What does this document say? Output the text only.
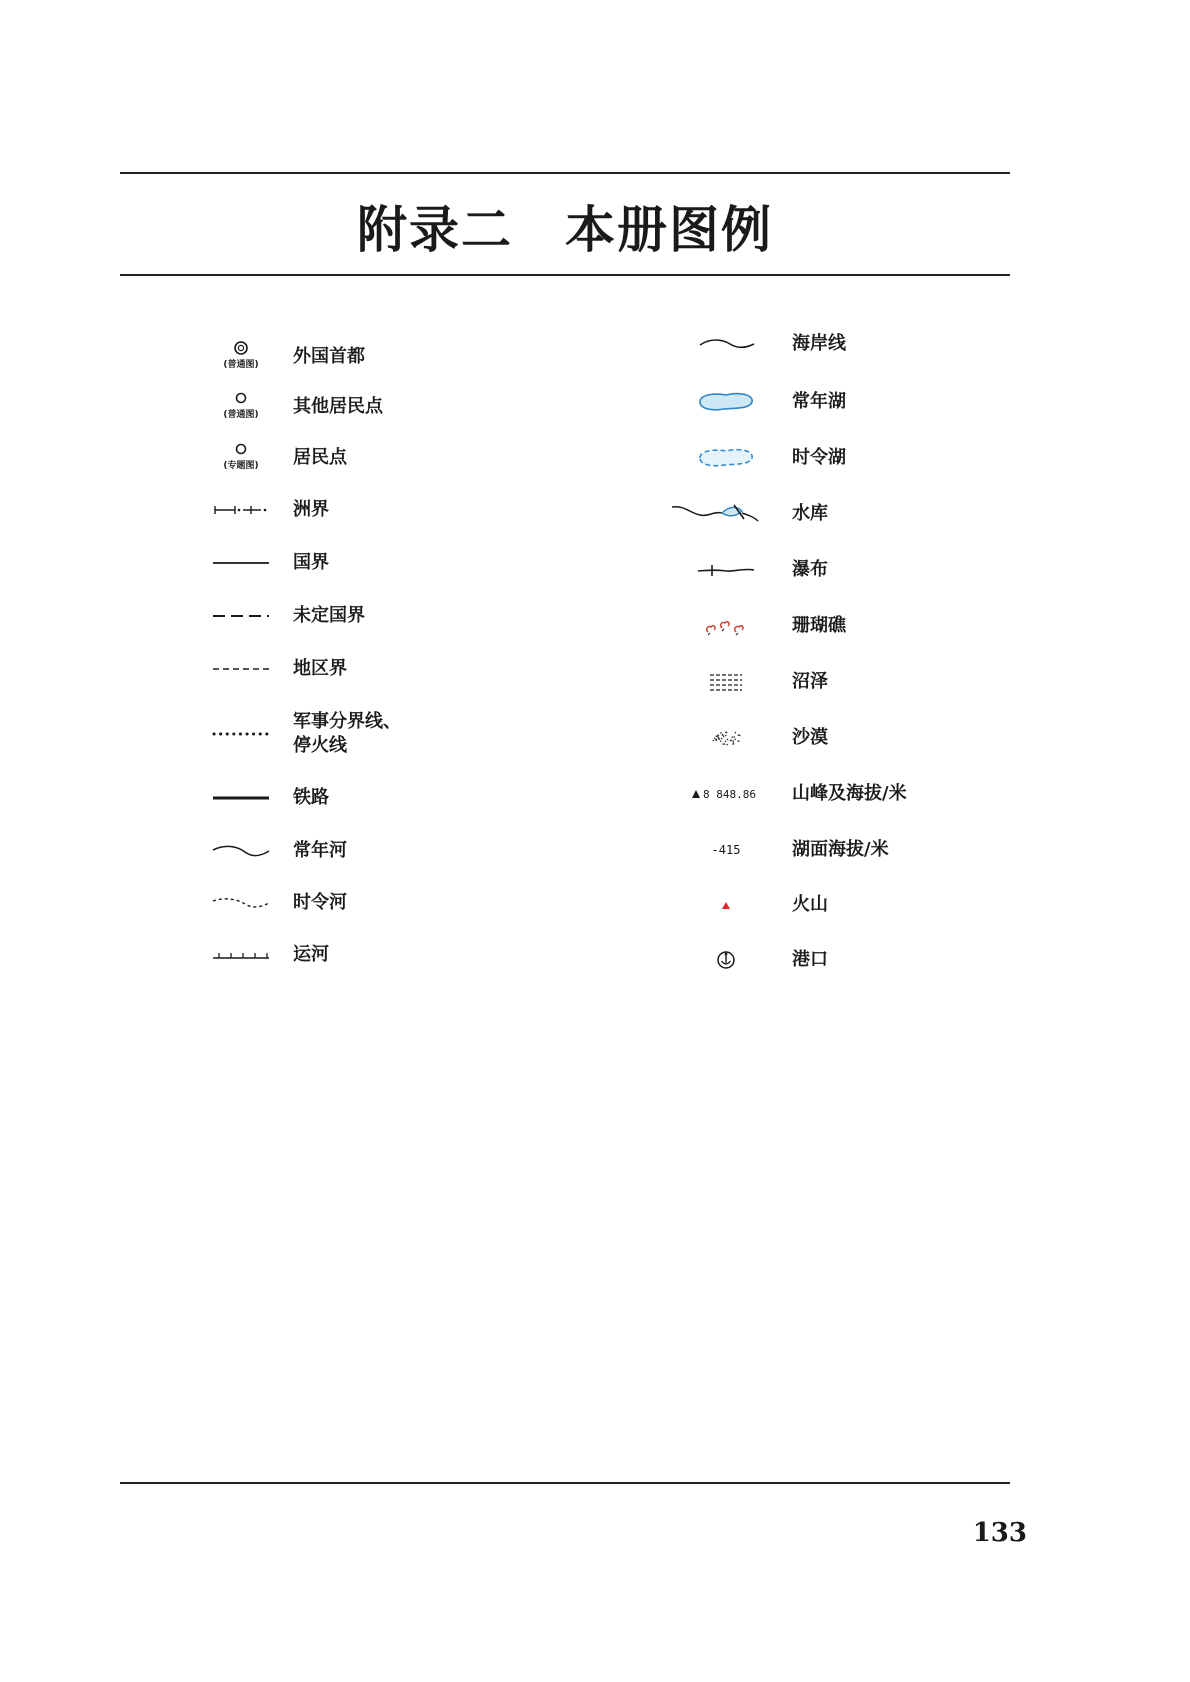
附录二 本册图例
(普通图) 外国首都
(普通图) 其他居民点
(专题图) 居民点
洲界
国界
未定国界
地区界
军事分界线、
停火线
铁路
常年河
时令河
运河
海岸线
常年湖
时令湖
水库
瀑布
珊瑚礁
沼泽
沙漠
8 848.86 山峰及海拔/米
-415	湖面海拔/米
火山
港口
133
